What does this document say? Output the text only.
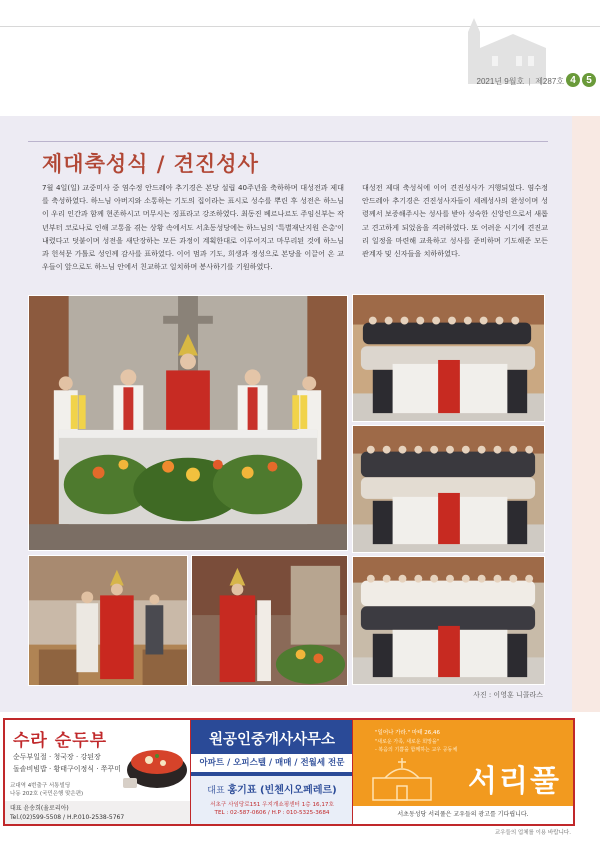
2021년 9월호  |  제287호 4	5
제대축성식 / 견진성사

7월 4일(일) 교중미사 중 염수정 안드레아 추기경은 본당 설립 40주년을 축하하며 대성전과 제대를 축성하였다. 하느님 아버지와 소통하는 기도의 집이라는 표시로 성수를 뿌린 후 성전은 하느님이 우리 인간과 함께 현존하시고 머무시는 징표라고 강조하였다. 최동진 베르나르도 주임신부는 작년부터 코로나로 인해 고통을 겪는 상황 속에서도 서초동성당에는 하느님의 '특별재난지원 은총'이 내렸다고 덧붙이며 성전을 새단장하는 모든 과정이 계획한대로 이루어지고 마무리된 것에 하느님과 헌석문 가톨로 성인께 감사를 표하였다. 이어 멈과 기도, 희생과 정성으로 본당을 이끌어 온 교우들이 앞으로도 하느님 안에서 친교하고 일치하며 봉사하기를 기원하였다.

대성전 제대 축성식에 이어 견진성사가 거행되었다. 염수정 안드레아 추기경은 견진성사자들이 세례성사의 완성이며 성령께서 보증해주시는 성사를 받아 성숙한 신앙인으로서 새롭고 견고하게 되었음을 격려하였다. 또 어려운 시기에 견진교리 일정을 마련해 교육하고 성사를 준비하며 기도해준 모든 관계자 및 신자들을 치하하였다.

사진 : 이영훈 니콜라스
수라 순두부
순두부일절 · 청국장 · 강된장
돌솥비빔밥 · 황태구이정식 · 쭈꾸미
교대역 4번출구 서통빌딩
나동 202호 (국민은행 맞은편)
대표 윤송희(율로리아)
Tel.(02)599-5508 / H.P.010-2538-5767
원공인중개사사무소
아파트 / 오피스텔 / 매매 / 전월세 전문
대표 홍기표 (빈첸시오페레르)
서초구 사임당로151 우지개쇼핑센터 1층 16,17호
TEL : 02-587-0606 / H.P : 010-5325-3684
"일어나 가라." 마태 26,46
"새로운 가족, 새로운 희망을"
- 복음의 기쁨을 함께하는 교우 공동체
서리풀
서초동성당 서리풀은 교우들의 광고를 기다립니다.
교우들의 업체를 이용 바랍니다.
